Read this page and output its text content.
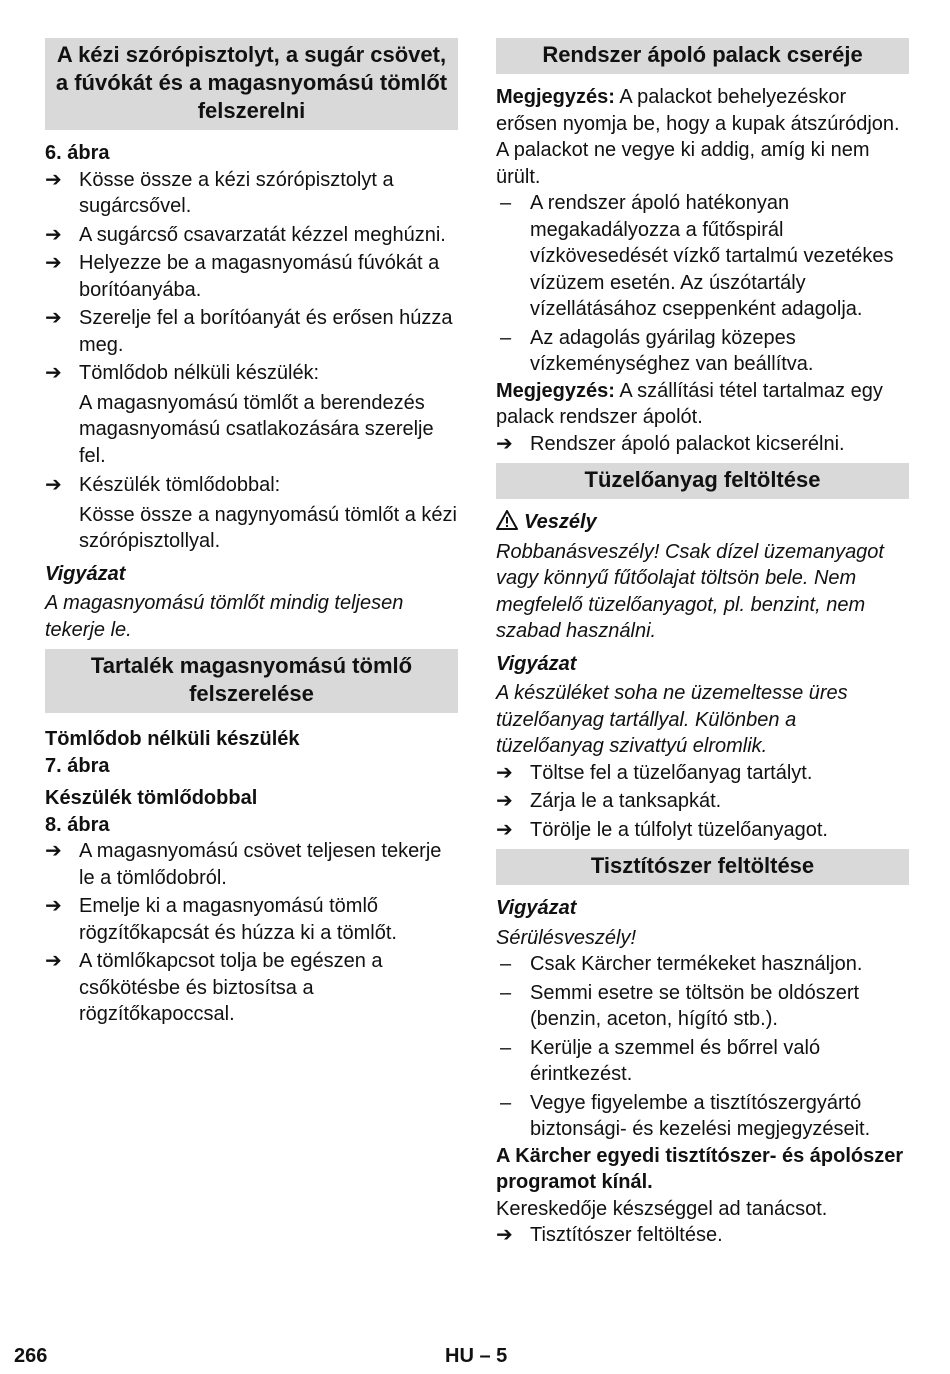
A kézi szórópisztolyt, a sugár csövet, a fúvókát és a magasnyomású tömlőt felszerelni

6. ábra

➔ Kösse össze a kézi szórópisztolyt a sugárcsővel.
➔ A sugárcső csavarzatát kézzel meghúzni.
➔ Helyezze be a magasnyomású fúvókát a borítóanyába.
➔ Szerelje fel a borítóanyát és erősen húzza meg.
➔ Tömlődob nélküli készülék:

A magasnyomású tömlőt a berendezés magasnyomású csatlakozására szerelje fel.

➔ Készülék tömlődobbal:

Kösse össze a nagynyomású tömlőt a kézi szórópisztollyal.

Vigyázat

A magasnyomású tömlőt mindig teljesen tekerje le.

Tartalék magasnyomású tömlő felszerelése

Tömlődob nélküli készülék

7. ábra

Készülék tömlődobbal

8. ábra

➔ A magasnyomású csövet teljesen tekerje le a tömlődobról.
➔ Emelje ki a magasnyomású tömlő rögzítőkapcsát és húzza ki a tömlőt.
➔ A tömlőkapcsot tolja be egészen a csőkötésbe és biztosítsa a rögzítőkapoccsal.
Rendszer ápoló palack cseréje

Megjegyzés: A palackot behelyezéskor erősen nyomja be, hogy a kupak átszúródjon. A palackot ne vegye ki addig, amíg ki nem ürült.

– A rendszer ápoló hatékonyan megakadályozza a fűtőspirál vízkövesedését vízkő tartalmú vezetékes vízüzem esetén. Az úszótartály vízellátásához cseppenként adagolja.
– Az adagolás gyárilag közepes vízkeménységhez van beállítva.

Megjegyzés: A szállítási tétel tartalmaz egy palack rendszer ápolót.

➔ Rendszer ápoló palackot kicserélni.
Tüzelőanyag feltöltése

Veszély

Robbanásveszély! Csak dízel üzemanyagot vagy könnyű fűtőolajat töltsön bele. Nem megfelelő tüzelőanyagot, pl. benzint, nem szabad használni.

Vigyázat

A készüléket soha ne üzemeltesse üres tüzelőanyag tartállyal. Különben a tüzelőanyag szivattyú elromlik.

➔ Töltse fel a tüzelőanyag tartályt.
➔ Zárja le a tanksapkát.
➔ Törölje le a túlfolyt tüzelőanyagot.
Tisztítószer feltöltése

Vigyázat

Sérülésveszély!

– Csak Kärcher termékeket használjon.
– Semmi esetre se töltsön be oldószert (benzin, aceton, hígító stb.).
– Kerülje a szemmel és bőrrel való érintkezést.
– Vegye figyelembe a tisztítószergyártó biztonsági- és kezelési megjegyzéseit.

A Kärcher egyedi tisztítószer- és ápolószer programot kínál.

Kereskedője készséggel ad tanácsot.

➔ Tisztítószer feltöltése.
266	HU – 5
